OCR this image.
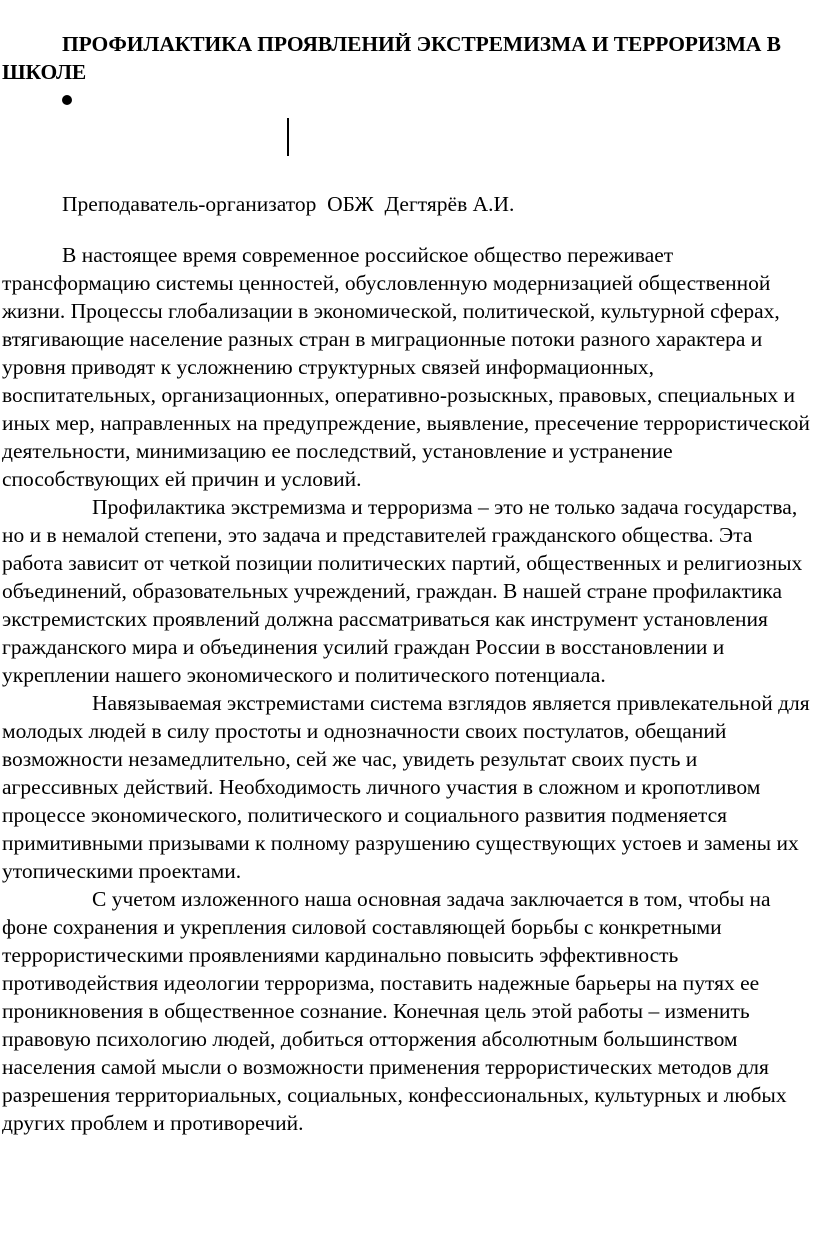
ПРОФИЛАКТИКА ПРОЯВЛЕНИЙ ЭКСТРЕМИЗМА И ТЕРРОРИЗМА В ШКОЛЕ

Преподаватель-организатор  ОБЖ  Дегтярёв А.И.

В настоящее время современное российское общество переживает трансформацию системы ценностей, обусловленную модернизацией общественной жизни. Процессы глобализации в экономической, политической, культурной сферах, втягивающие население разных стран в миграционные потоки разного характера и уровня приводят к усложнению структурных связей информационных, воспитательных, организационных, оперативно-розыскных, правовых, специальных и иных мер, направленных на предупреждение, выявление, пресечение террористической деятельности, минимизацию ее последствий, установление и устранение способствующих ей причин и условий.

Профилактика экстремизма и терроризма – это не только задача государства, но и в немалой степени, это задача и представителей гражданского общества. Эта работа зависит от четкой позиции политических партий, общественных и религиозных объединений, образовательных учреждений, граждан. В нашей стране профилактика экстремистских проявлений должна рассматриваться как инструмент установления гражданского мира и объединения усилий граждан России в восстановлении и укреплении нашего экономического и политического потенциала.

Навязываемая экстремистами система взглядов является привлекательной для молодых людей в силу простоты и однозначности своих постулатов, обещаний возможности незамедлительно, сей же час, увидеть результат своих пусть и агрессивных действий. Необходимость личного участия в сложном и кропотливом процессе экономического, политического и социального развития подменяется примитивными призывами к полному разрушению существующих устоев и замены их утопическими проектами.

С учетом изложенного наша основная задача заключается в том, чтобы на фоне сохранения и укрепления силовой составляющей борьбы с конкретными террористическими проявлениями кардинально повысить эффективность противодействия идеологии терроризма, поставить надежные барьеры на путях ее проникновения в общественное сознание. Конечная цель этой работы – изменить правовую психологию людей, добиться отторжения абсолютным большинством населения самой мысли о возможности применения террористических методов для разрешения территориальных, социальных, конфессиональных, культурных и любых других проблем и противоречий.
